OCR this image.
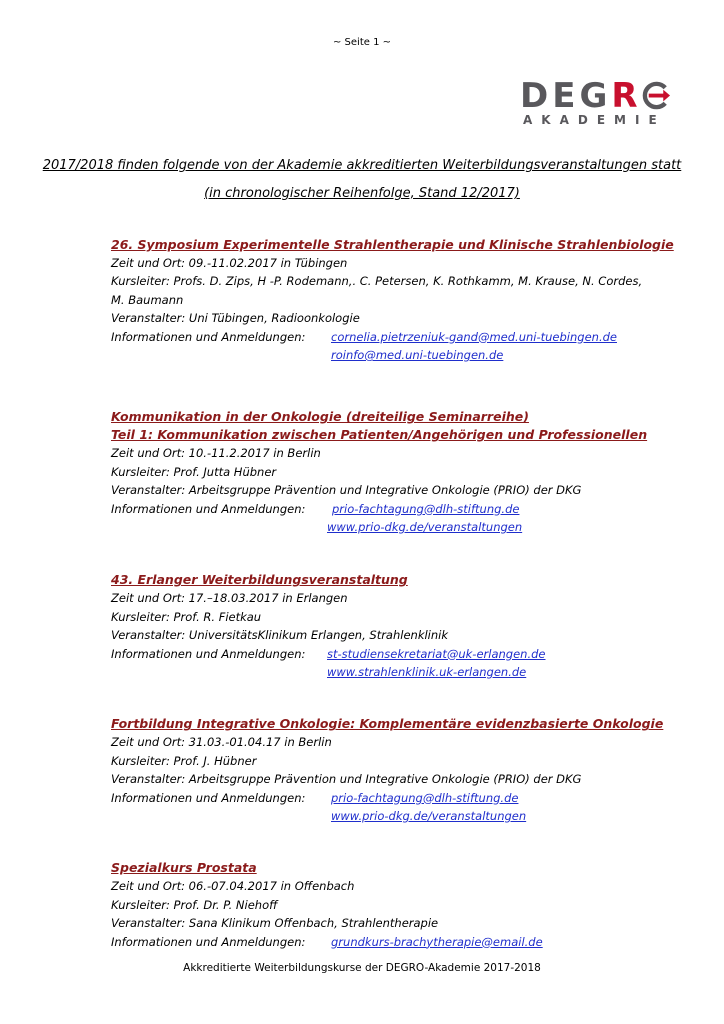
~ Seite 1 ~
DEGR
AKADEMIE
2017/2018 finden folgende von der Akademie akkreditierten Weiterbildungsveranstaltungen statt
(in chronologischer Reihenfolge, Stand 12/2017)
26. Symposium Experimentelle Strahlentherapie und Klinische Strahlenbiologie
Zeit und Ort: 09.-11.02.2017 in Tübingen
Kursleiter: Profs. D. Zips, H -P. Rodemann,. C. Petersen, K. Rothkamm, M. Krause, N. Cordes,
M. Baumann
Veranstalter: Uni Tübingen, Radioonkologie
Informationen und Anmeldungen: cornelia.pietrzeniuk-gand@med.uni-tuebingen.de
roinfo@med.uni-tuebingen.de
Kommunikation in der Onkologie (dreiteilige Seminarreihe)
Teil 1: Kommunikation zwischen Patienten/Angehörigen und Professionellen
Zeit und Ort: 10.-11.2.2017 in Berlin
Kursleiter: Prof. Jutta Hübner
Veranstalter: Arbeitsgruppe Prävention und Integrative Onkologie (PRIO) der DKG
Informationen und Anmeldungen: prio-fachtagung@dlh-stiftung.de
www.prio-dkg.de/veranstaltungen
43. Erlanger Weiterbildungsveranstaltung
Zeit und Ort: 17.–18.03.2017 in Erlangen
Kursleiter: Prof. R. Fietkau
Veranstalter: UniversitätsKlinikum Erlangen, Strahlenklinik
Informationen und Anmeldungen: st-studiensekretariat@uk-erlangen.de
www.strahlenklinik.uk-erlangen.de
Fortbildung Integrative Onkologie: Komplementäre evidenzbasierte Onkologie
Zeit und Ort: 31.03.-01.04.17 in Berlin
Kursleiter: Prof. J. Hübner
Veranstalter: Arbeitsgruppe Prävention und Integrative Onkologie (PRIO) der DKG
Informationen und Anmeldungen: prio-fachtagung@dlh-stiftung.de
www.prio-dkg.de/veranstaltungen
Spezialkurs Prostata
Zeit und Ort: 06.-07.04.2017 in Offenbach
Kursleiter: Prof. Dr. P. Niehoff
Veranstalter: Sana Klinikum Offenbach, Strahlentherapie
Informationen und Anmeldungen: grundkurs-brachytherapie@email.de
Akkreditierte Weiterbildungskurse der DEGRO-Akademie 2017-2018
